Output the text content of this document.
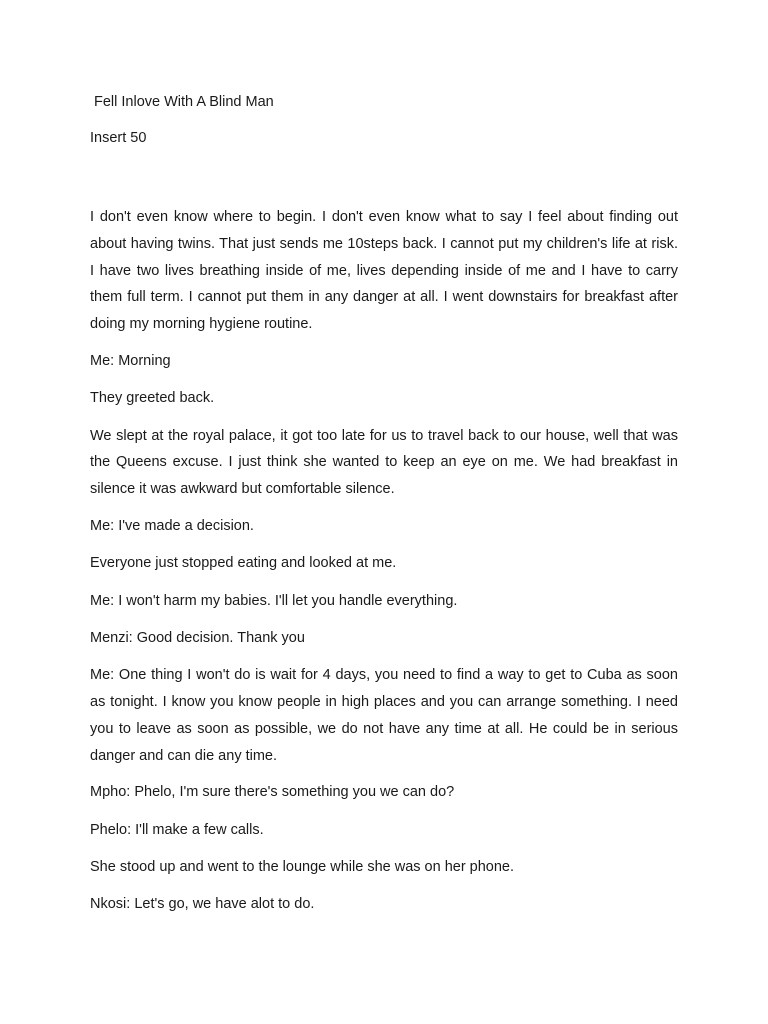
Fell Inlove With A Blind Man
Insert 50

I don't even know where to begin. I don't even know what to say I feel about finding out about having twins. That just sends me 10steps back. I cannot put my children's life at risk. I have two lives breathing inside of me, lives depending inside of me and I have to carry them full term. I cannot put them in any danger at all. I went downstairs for breakfast after doing my morning hygiene routine.

Me: Morning

They greeted back.

We slept at the royal palace, it got too late for us to travel back to our house, well that was the Queens excuse. I just think she wanted to keep an eye on me. We had breakfast in silence it was awkward but comfortable silence.

Me: I've made a decision.

Everyone just stopped eating and looked at me.

Me: I won't harm my babies. I'll let you handle everything.

Menzi: Good decision. Thank you

Me: One thing I won't do is wait for 4 days, you need to find a way to get to Cuba as soon as tonight. I know you know people in high places and you can arrange something. I need you to leave as soon as possible, we do not have any time at all. He could be in serious danger and can die any time.

Mpho: Phelo, I'm sure there's something you we can do?

Phelo: I'll make a few calls.

She stood up and went to the lounge while she was on her phone.

Nkosi: Let's go, we have alot to do.
